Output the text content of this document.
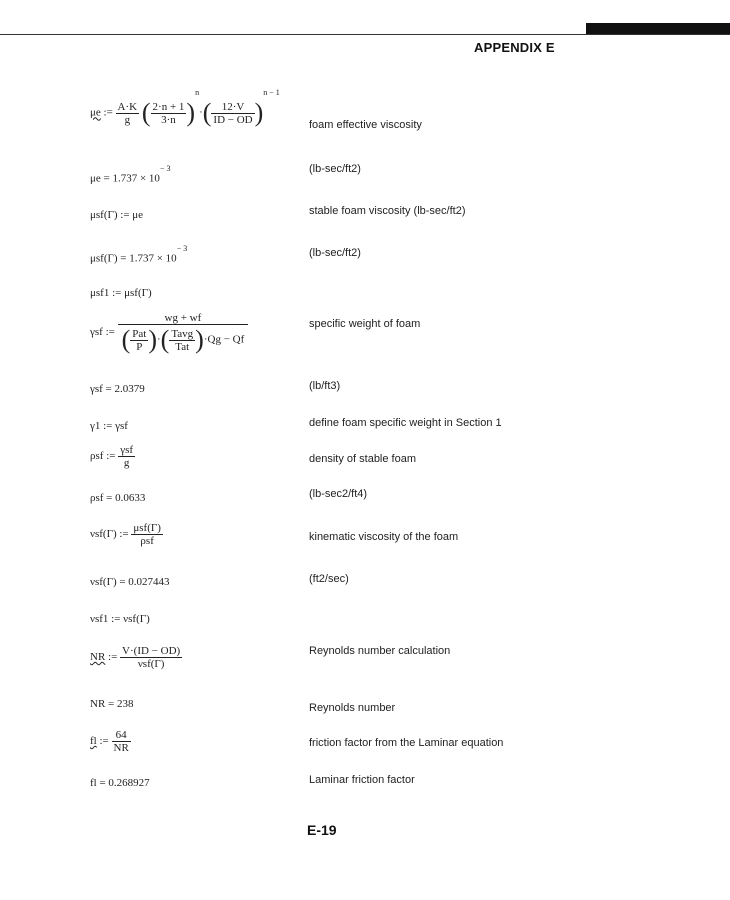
APPENDIX E
μe := $\frac{A\cdot K}{g}$ ( $\frac{2\cdot n + 1}{3\cdot n} )^n\cdot( \frac{12\cdot V}{ID - OD} )^{n - 1}$
foam effective viscosity
$\mu e = 1.737 \times 10^{- 3}$	(lb-sec/ft2)
μsf(Γ) := μe	stable foam viscosity (lb-sec/ft2)
$\mu sf(\Gamma) = 1.737 \times 10^{- 3}$	(lb-sec/ft2)
μsf1 := μsf(Γ)
γsf :=
wg + wf
( $\frac{\text{Pat}}{P}$ )·( $\frac{\text{Tavg}}{\text{Tat}} )\cdot Qg - Qf$
specific weight of foam
γsf = 2.0379	(lb/ft3)
γ1 := γsf	define foam specific weight in Section 1
ρsf := $\frac{\text{γsf}}{g}$	density of stable foam
ρsf = 0.0633	(lb-sec2/ft4)
νsf(Γ) := $\frac{\text{μsf(Γ)}}{\text{ρsf}}$	kinematic viscosity of the foam
νsf(Γ) = 0.027443	(ft2/sec)
νsf1 := νsf(Γ)
NR := $\frac{V\cdot(ID - OD)}{\text{νsf(Γ)}}$	Reynolds number calculation
NR = 238	Reynolds number
fl := $\frac{64}{NR}$	friction factor from the Laminar equation
fl = 0.268927	Laminar friction factor
E-19
